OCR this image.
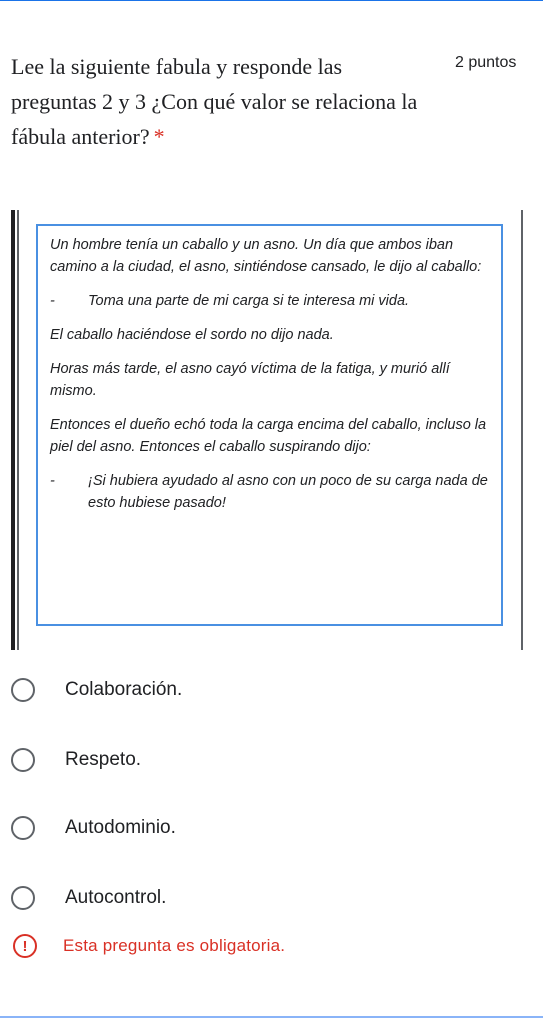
Lee la siguiente fabula y responde las preguntas 2 y 3 ¿Con qué valor se relaciona la fábula anterior? *
2 puntos

Un hombre tenía un caballo y un asno. Un día que ambos iban camino a la ciudad, el asno, sintiéndose cansado, le dijo al caballo:

-	Toma una parte de mi carga si te interesa mi vida.

El caballo haciéndose el sordo no dijo nada.

Horas más tarde, el asno cayó víctima de la fatiga, y murió allí mismo.

Entonces el dueño echó toda la carga encima del caballo, incluso la piel del asno. Entonces el caballo suspirando dijo:

-	¡Si hubiera ayudado al asno con un poco de su carga nada de esto hubiese pasado!

Colaboración.
Respeto.
Autodominio.
Autocontrol.
!	Esta pregunta es obligatoria.
